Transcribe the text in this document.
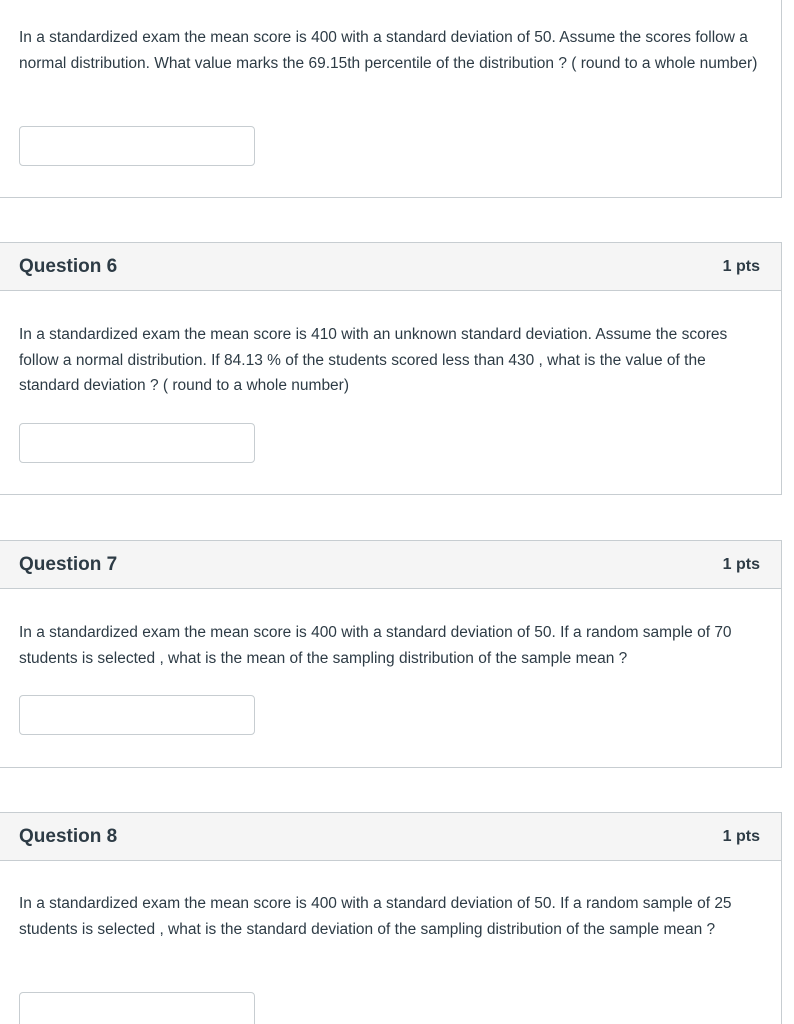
In a standardized exam the mean score is 400 with a standard deviation of 50. Assume the scores follow a normal distribution. What value marks the 69.15th percentile of the distribution ? ( round to a whole number)
Question 6	1 pts
In a standardized exam the mean score is 410 with an unknown standard deviation. Assume the scores follow a normal distribution. If 84.13 % of the students scored less than 430 , what is the value of the standard deviation ? ( round to a whole number)
Question 7	1 pts
In a standardized exam the mean score is 400 with a standard deviation of 50. If a random sample of 70 students is selected , what is the mean of the sampling distribution of the sample mean ?
Question 8	1 pts
In a standardized exam the mean score is 400 with a standard deviation of 50. If a random sample of 25 students is selected , what is the standard deviation of the sampling distribution of the sample mean ?
